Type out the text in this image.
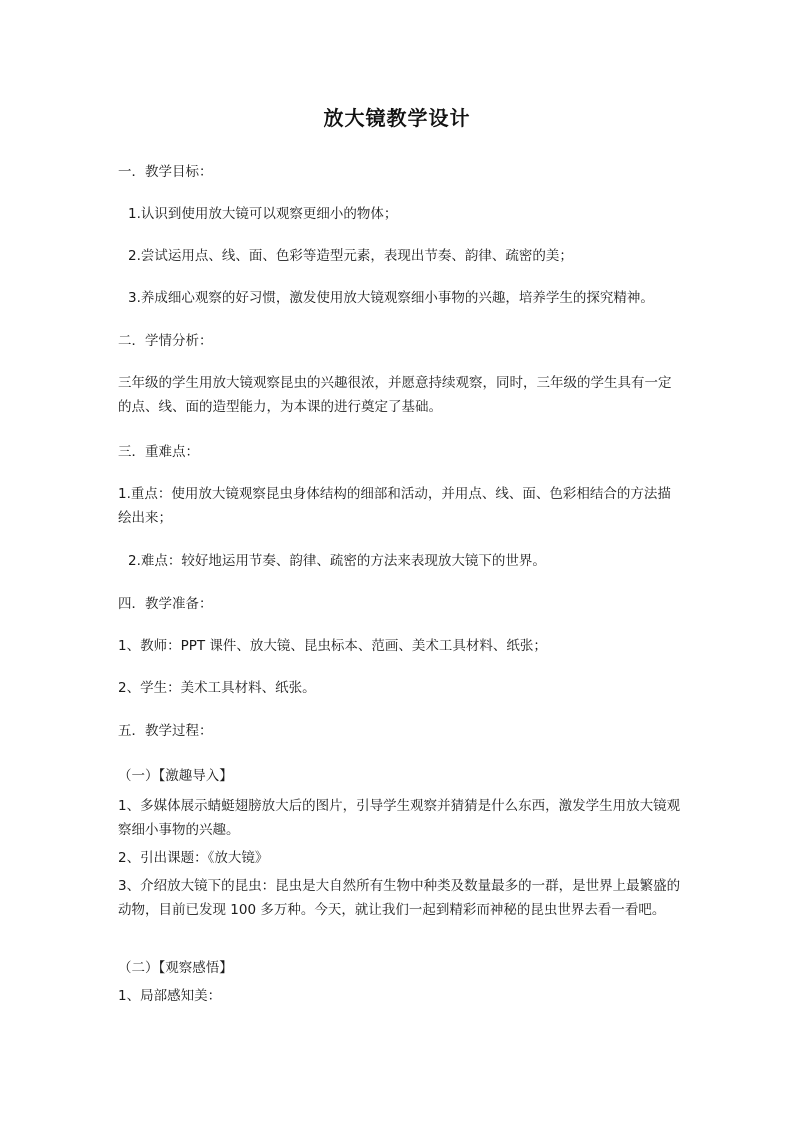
放大镜教学设计
一．教学目标：
1.认识到使用放大镜可以观察更细小的物体；
2.尝试运用点、线、面、色彩等造型元素，表现出节奏、韵律、疏密的美；
3.养成细心观察的好习惯，激发使用放大镜观察细小事物的兴趣，培养学生的探究精神。
二．学情分析：
三年级的学生用放大镜观察昆虫的兴趣很浓，并愿意持续观察，同时，三年级的学生具有一定的点、线、面的造型能力，为本课的进行奠定了基础。
三．重难点：
1.重点：使用放大镜观察昆虫身体结构的细部和活动，并用点、线、面、色彩相结合的方法描绘出来；
2.难点：较好地运用节奏、韵律、疏密的方法来表现放大镜下的世界。
四．教学准备：
1、教师：PPT 课件、放大镜、昆虫标本、范画、美术工具材料、纸张；
2、学生：美术工具材料、纸张。
五．教学过程：
（一）【激趣导入】
1、多媒体展示蜻蜓翅膀放大后的图片，引导学生观察并猜猜是什么东西，激发学生用放大镜观察细小事物的兴趣。
2、引出课题：《放大镜》
3、介绍放大镜下的昆虫：昆虫是大自然所有生物中种类及数量最多的一群，是世界上最繁盛的动物，目前已发现 100 多万种。今天，就让我们一起到精彩而神秘的昆虫世界去看一看吧。
（二）【观察感悟】
1、局部感知美：
